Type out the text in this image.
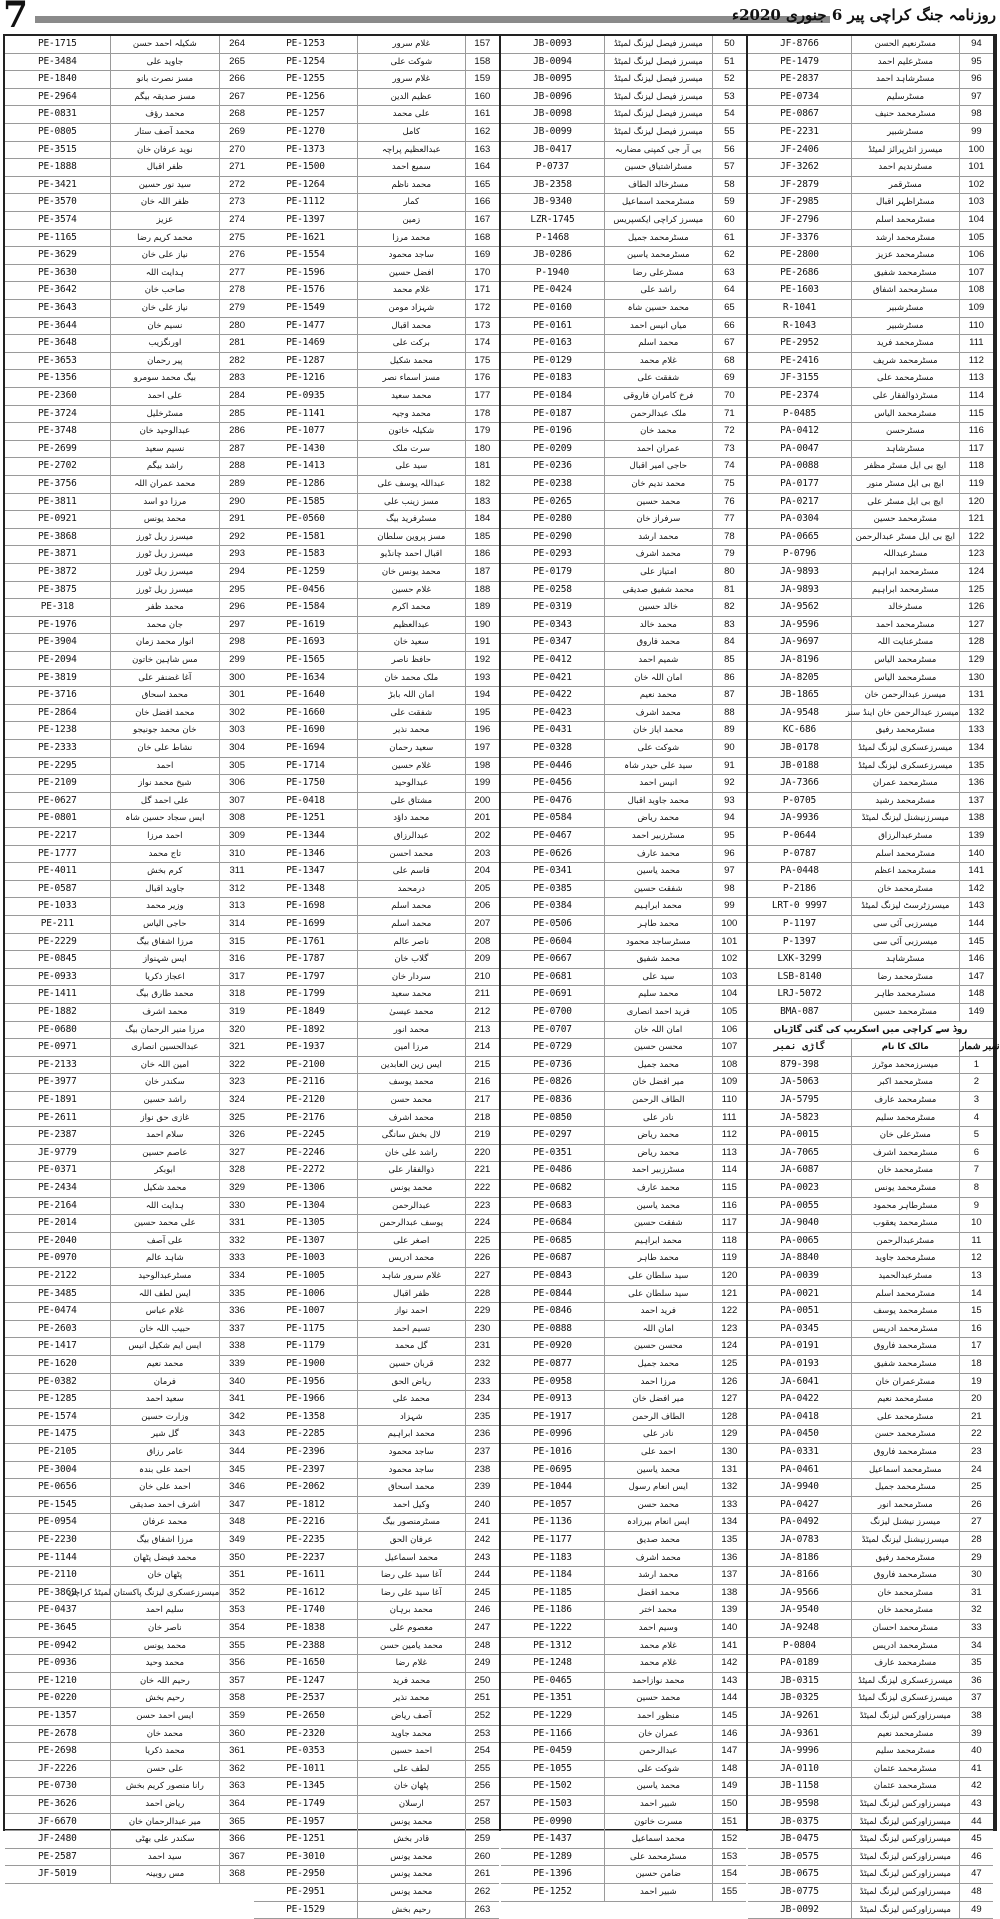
7	روزنامہ جنگ کراچی پیر 6 جنوری 2020ء
94
مسٹرنعیم الحسن
JF-8766
95
مسٹرعلیم احمد
PE-1479
96
مسٹرشاہد احمد
PE-2837
97
مسٹرسلیم
PE-0734
98
مسٹرمحمد حنیف
PE-0867
99
مسٹرشبیر
PE-2231
100
میسرز انٹرپرائز لمیٹڈ
JF-2406
101
مسٹرندیم احمد
JF-3262
102
مسٹرقمر
JF-2879
103
مسٹراظہر اقبال
JF-2985
104
مسٹرمحمد اسلم
JF-2796
105
مسٹرمحمد ارشد
JF-3376
106
مسٹرمحمد عزیز
PE-2800
107
مسٹرمحمد شفیق
PE-2686
108
مسٹرمحمد اشفاق
PE-1603
109
مسٹرشبیر
R-1041
110
مسٹرشبیر
R-1043
111
مسٹرمحمد فرید
PE-2952
112
مسٹرمحمد شریف
PE-2416
113
مسٹرمحمد علی
JF-3155
114
مسٹرذوالفقار علی
PE-2374
115
مسٹرمحمد الیاس
P-0485
116
مسٹرحسن
PA-0412
117
مسٹرشاہد
PA-0047
118
ایچ بی ایل مسٹر مظفر
PA-0088
119
ایچ بی ایل مسٹر منور
PA-0177
120
ایچ بی ایل مسٹر علی
PA-0217
121
مسٹرمحمد حسین
PA-0304
122
ایچ بی ایل مسٹر عبدالرحمن
PA-0665
123
مسٹرعبداللہ
P-0796
124
مسٹرمحمد ابراہیم
JA-9893
125
مسٹرمحمد ابراہیم
JA-9893
126
مسٹرخالد
JA-9562
127
مسٹرمحمد احمد
JA-9596
128
مسٹرعنایت اللہ
JA-9697
129
مسٹرمحمد الیاس
JA-8196
130
مسٹرمحمد الیاس
JA-8205
131
میسرز عبدالرحمن خان
JB-1865
132
میسرز عبدالرحمن خان اینڈ سنز
JA-9548
133
مسٹرمحمد رفیق
KC-686
134
میسرزعسکری لیزنگ لمیٹڈ
JB-0178
135
میسرزعسکری لیزنگ لمیٹڈ
JB-0188
136
مسٹرمحمد عمران
JA-7366
137
مسٹرمحمد رشید
P-0705
138
میسرزنیشنل لیزنگ لمیٹڈ
JA-9936
139
مسٹرعبدالرزاق
P-0644
140
مسٹرمحمد اسلم
P-0787
141
مسٹرمحمد اعظم
PA-0448
142
مسٹرمحمد خان
P-2186
143
میسرزٹرسٹ لیزنگ لمیٹڈ
LRT-0 9997
144
میسرزبی آئی سی
P-1197
145
میسرزبی آئی سی
P-1397
146
مسٹرشاہد
LXK-3299
147
مسٹرمحمد رضا
LSB-8140
148
مسٹرمحمد طاہر
LRJ-5072
149
مسٹرمحمد حسین
BMA-087
روڈ سے کراچی میں اسکریپ کی گئی گاڑیاں
نمبر شمار
مالک کا نام
گاڑی نمبر
1
میسرزمحمد موٹرز
879-398
2
مسٹرمحمد اکبر
JA-5063
3
مسٹرمحمد عارف
JA-5795
4
مسٹرمحمد سلیم
JA-5823
5
مسٹرعلی خان
PA-0015
6
مسٹرمحمد اشرف
JA-7065
7
مسٹرمحمد خان
JA-6087
8
مسٹرمحمد یونس
PA-0023
9
مسٹرطاہر محمود
PA-0055
10
مسٹرمحمد یعقوب
JA-9040
11
مسٹرعبدالرحمن
PA-0065
12
مسٹرمحمد جاوید
JA-8840
13
مسٹرعبدالحمید
PA-0039
14
مسٹرمحمد اسلم
PA-0021
15
مسٹرمحمد یوسف
PA-0051
16
مسٹرمحمد ادریس
PA-0345
17
مسٹرمحمد فاروق
PA-0191
18
مسٹرمحمد شفیق
PA-0193
19
مسٹرعمران خان
JA-6041
20
مسٹرمحمد نعیم
PA-0422
21
مسٹرمحمد علی
PA-0418
22
مسٹرمحمد حسن
PA-0450
23
مسٹرمحمد فاروق
PA-0331
24
مسٹرمحمد اسماعیل
PA-0461
25
مسٹرمحمد جمیل
JA-9940
26
مسٹرمحمد انور
PA-0427
27
میسرز نیشنل لیزنگ
PA-0492
28
میسرزنیشنل لیزنگ لمیٹڈ
JA-0783
29
مسٹرمحمد رفیق
JA-8186
30
مسٹرمحمد فاروق
JA-8166
31
مسٹرمحمد خان
JA-9566
32
مسٹرمحمد خان
JA-9540
33
مسٹرمحمد احسان
JA-9248
34
مسٹرمحمد ادریس
P-0804
35
مسٹرمحمد عارف
PA-0189
36
میسرزعسکری لیزنگ لمیٹڈ
JB-0315
37
میسرزعسکری لیزنگ لمیٹڈ
JB-0325
38
میسرزاورکس لیزنگ لمیٹڈ
JA-9261
39
مسٹرمحمد نعیم
JA-9361
40
مسٹرمحمد سلیم
JA-9996
41
مسٹرمحمد عثمان
JA-0110
42
مسٹرمحمد عثمان
JB-1158
43
میسرزاورکس لیزنگ لمیٹڈ
JB-9598
44
میسرزاورکس لیزنگ لمیٹڈ
JB-0375
45
میسرزاورکس لیزنگ لمیٹڈ
JB-0475
46
میسرزاورکس لیزنگ لمیٹڈ
JB-0575
47
میسرزاورکس لیزنگ لمیٹڈ
JB-0675
48
میسرزاورکس لیزنگ لمیٹڈ
JB-0775
49
میسرزاورکس لیزنگ لمیٹڈ
JB-0092
50
میسرز فیصل لیزنگ لمیٹڈ
JB-0093
51
میسرز فیصل لیزنگ لمیٹڈ
JB-0094
52
میسرز فیصل لیزنگ لمیٹڈ
JB-0095
53
میسرز فیصل لیزنگ لمیٹڈ
JB-0096
54
میسرز فیصل لیزنگ لمیٹڈ
JB-0098
55
میسرز فیصل لیزنگ لمیٹڈ
JB-0099
56
بی آر جی کمپنی مضاربہ
JB-0417
57
مسٹراشتیاق حسین
P-0737
58
مسٹرخالد الطاف
JB-2358
59
مسٹرمحمد اسماعیل
JB-9340
60
میسرز کراچی ایکسپریس
LZR-1745
61
مسٹرمحمد جمیل
P-1468
62
مسٹرمحمد یاسین
JB-0286
63
مسٹرعلی رضا
P-1940
64
راشد علی
PE-0424
65
محمد حسین شاہ
PE-0160
66
میاں انیس احمد
PE-0161
67
محمد اسلم
PE-0163
68
غلام محمد
PE-0129
69
شفقت علی
PE-0183
70
فرخ کامران فاروقی
PE-0184
71
ملک عبدالرحمن
PE-0187
72
محمد خان
PE-0196
73
عمران احمد
PE-0209
74
حاجی امیر اقبال
PE-0236
75
محمد ندیم خان
PE-0238
76
محمد حسین
PE-0265
77
سرفراز خان
PE-0280
78
محمد ارشد
PE-0290
79
محمد اشرف
PE-0293
80
امتیاز علی
PE-0179
81
محمد شفیق صدیقی
PE-0258
82
خالد حسین
PE-0319
83
محمد خالد
PE-0343
84
محمد فاروق
PE-0347
85
شمیم احمد
PE-0412
86
امان اللہ خان
PE-0421
87
محمد نعیم
PE-0422
88
محمد اشرف
PE-0423
89
محمد ایاز خان
PE-0431
90
شوکت علی
PE-0328
91
سید علی حیدر شاہ
PE-0446
92
انیس احمد
PE-0456
93
محمد جاوید اقبال
PE-0476
94
محمد ریاض
PE-0584
95
مسٹرزبیر احمد
PE-0467
96
محمد عارف
PE-0626
97
محمد یاسین
PE-0341
98
شفقت حسین
PE-0385
99
محمد ابراہیم
PE-0384
100
محمد طاہر
PE-0506
101
مسٹرساجد محمود
PE-0604
102
محمد شفیق
PE-0667
103
سید علی
PE-0681
104
محمد سلیم
PE-0691
105
فرید احمد انصاری
PE-0700
106
امان اللہ خان
PE-0707
107
محسن حسین
PE-0729
108
محمد جمیل
PE-0736
109
میر افضل خان
PE-0826
110
الطاف الرحمن
PE-0836
111
نادر علی
PE-0850
112
محمد ریاض
PE-0297
113
محمد ریاض
PE-0351
114
مسٹرزبیر احمد
PE-0486
115
محمد عارف
PE-0682
116
محمد یاسین
PE-0683
117
شفقت حسین
PE-0684
118
محمد ابراہیم
PE-0685
119
محمد طاہر
PE-0687
120
سید سلطان علی
PE-0843
121
سید سلطان علی
PE-0844
122
فرید احمد
PE-0846
123
امان اللہ
PE-0888
124
محسن حسین
PE-0920
125
محمد جمیل
PE-0877
126
مرزا احمد
PE-0958
127
میر افضل خان
PE-0913
128
الطاف الرحمن
PE-1917
129
نادر علی
PE-0996
130
احمد علی
PE-1016
131
محمد یاسین
PE-0695
132
ایس انعام رسول
PE-1044
133
محمد حسن
PE-1057
134
ایس انعام بیرزادہ
PE-1136
135
محمد صدیق
PE-1177
136
محمد اشرف
PE-1183
137
محمد ارشد
PE-1184
138
محمد افضل
PE-1185
139
محمد اختر
PE-1186
140
وسیم احمد
PE-1222
141
غلام محمد
PE-1312
142
غلام محمد
PE-1248
143
محمد نوازاحمد
PE-0465
144
محمد حسین
PE-1351
145
منظور احمد
PE-1229
146
عمران خان
PE-1166
147
عبدالرحمن
PE-0459
148
شوکت علی
PE-1055
149
محمد یاسین
PE-1502
150
شبیر احمد
PE-1503
151
مسرت خاتون
PE-0990
152
محمد اسماعیل
PE-1437
153
مسٹرمحمد علی
PE-1289
154
ضامن حسین
PE-1396
155
شبیر احمد
PE-1252
157
غلام سرور
PE-1253
158
شوکت علی
PE-1254
159
غلام سرور
PE-1255
160
عظیم الدین
PE-1256
161
علی محمد
PE-1257
162
کامل
PE-1270
163
عبدالعظیم پراچہ
PE-1373
164
سمیع احمد
PE-1500
165
محمد ناظم
PE-1264
166
کمار
PE-1112
167
زمین
PE-1397
168
محمد مرزا
PE-1621
169
ساجد محمود
PE-1554
170
افضل حسین
PE-1596
171
غلام محمد
PE-1576
172
شہزاد مومن
PE-1549
173
محمد اقبال
PE-1477
174
برکت علی
PE-1469
175
محمد شکیل
PE-1287
176
مسز اسماء نصر
PE-1216
177
محمد سعید
PE-0935
178
محمد وجیہ
PE-1141
179
شکیلہ خاتون
PE-1077
180
سرت ملک
PE-1430
181
سید علی
PE-1413
182
عبداللہ یوسف علی
PE-1286
183
مسز زینب علی
PE-1585
184
مسٹرفرید بیگ
PE-0560
185
مسز پروین سلطان
PE-1581
186
اقبال احمد چانڈیو
PE-1583
187
محمد یونس خان
PE-1259
188
غلام حسین
PE-0456
189
محمد اکرم
PE-1584
190
عبدالعظیم
PE-1619
191
سعید خان
PE-1693
192
حافظ ناصر
PE-1565
193
ملک محمد خان
PE-1634
194
امان اللہ بابڑ
PE-1640
195
شفقت علی
PE-1660
196
محمد نذیر
PE-1690
197
سعید رحمان
PE-1694
198
غلام حسین
PE-1714
199
عبدالوحید
PE-1750
200
مشتاق علی
PE-0418
201
محمد داؤد
PE-1251
202
عبدالرزاق
PE-1344
203
محمد احسن
PE-1346
204
قاسم علی
PE-1347
205
درمحمد
PE-1348
206
محمد اسلم
PE-1698
207
محمد اسلم
PE-1699
208
ناصر عالم
PE-1761
209
گلاب خان
PE-1787
210
سردار خان
PE-1797
211
محمد سعید
PE-1799
212
محمد عیسیٰ
PE-1849
213
محمد انور
PE-1892
214
مرزا امین
PE-1937
215
ایس زین العابدین
PE-2100
216
محمد یوسف
PE-2116
217
محمد حسن
PE-2120
218
محمد اشرف
PE-2176
219
لال بخش سانگی
PE-2245
220
راشد علی خان
PE-2246
221
ذوالفقار علی
PE-2272
222
محمد یونس
PE-1306
223
عبدالرحمن
PE-1304
224
یوسف عبدالرحمن
PE-1305
225
اصغر علی
PE-1307
226
محمد ادریس
PE-1003
227
غلام سرور شاہد
PE-1005
228
ظفر اقبال
PE-1006
229
احمد نواز
PE-1007
230
تسیم احمد
PE-1175
231
گل محمد
PE-1179
232
قربان حسین
PE-1900
233
ریاض الحق
PE-1956
234
محمد علی
PE-1966
235
شہزاد
PE-1358
236
محمد ابراہیم
PE-2285
237
ساجد محمود
PE-2396
238
ساجد محمود
PE-2397
239
محمد اسحاق
PE-2062
240
وکیل احمد
PE-1812
241
مسٹرمنصور بیگ
PE-2216
242
عرفان الحق
PE-2235
243
محمد اسماعیل
PE-2237
244
آغا سید علی رضا
PE-1611
245
آغا سید علی رضا
PE-1612
246
محمد برہان
PE-1740
247
معصوم علی
PE-1838
248
محمد یامین حسن
PE-2388
249
غلام رضا
PE-1650
250
محمد فرید
PE-1247
251
محمد نذیر
PE-2537
252
آصف ریاض
PE-2650
253
محمد جاوید
PE-2320
254
احمد حسین
PE-0353
255
لطف علی
PE-1011
256
پٹھان خان
PE-1345
257
ارسلان
PE-1749
258
محمد یونس
PE-1957
259
قادر بخش
PE-1251
260
محمد یونس
PE-3010
261
محمد یونس
PE-2950
262
محمد یونس
PE-2951
263
رحیم بخش
PE-1529
264
شکیلہ احمد حسن
PE-1715
265
جاوید علی
PE-3484
266
مسز نصرت بانو
PE-1840
267
مسز صدیقہ بیگم
PE-2964
268
محمد رؤف
PE-0831
269
محمد آصف ستار
PE-0805
270
نوید عرفان خان
PE-3515
271
ظفر اقبال
PE-1888
272
سید نور حسین
PE-3421
273
ظفر اللہ خان
PE-3570
274
عزیز
PE-3574
275
محمد کریم رضا
PE-1165
276
نیاز علی خان
PE-3629
277
ہدایت اللہ
PE-3630
278
صاحب خان
PE-3642
279
نیاز علی خان
PE-3643
280
نسیم خان
PE-3644
281
اورنگزیب
PE-3648
282
پیر رحمان
PE-3653
283
بیگ محمد سومرو
PE-1356
284
علی احمد
PE-2360
285
مسٹرخلیل
PE-3724
286
عبدالوحید خان
PE-3748
287
نسیم سعید
PE-2699
288
راشد بیگم
PE-2702
289
محمد عمران اللہ
PE-3756
290
مرزا دو اسد
PE-3811
291
محمد یونس
PE-0921
292
میسرز ریل ٹورز
PE-3868
293
میسرز ریل ٹورز
PE-3871
294
میسرز ریل ٹورز
PE-3872
295
میسرز ریل ٹورز
PE-3875
296
محمد ظفر
PE-318
297
جان محمد
PE-1976
298
انوار محمد زمان
PE-3904
299
مس شاہین خاتون
PE-2094
300
آغا غضنفر علی
PE-3819
301
محمد اسحاق
PE-3716
302
محمد افضل خان
PE-2864
303
خان محمد جونیجو
PE-1238
304
نشاط علی خان
PE-2333
305
احمد
PE-2295
306
شیخ محمد نواز
PE-2109
307
علی احمد گل
PE-0627
308
ایس سجاد حسین شاہ
PE-0801
309
احمد مرزا
PE-2217
310
تاج محمد
PE-1777
311
کرم بخش
PE-4011
312
جاوید اقبال
PE-0587
313
وزیر محمد
PE-1033
314
حاجی الیاس
PE-211
315
مرزا اشفاق بیگ
PE-2229
316
ایس شہنواز
PE-0845
317
اعجاز ذکریا
PE-0933
318
محمد طارق بیگ
PE-1411
319
محمد اشرف
PE-1882
320
مرزا منیر الرحمان بیگ
PE-0680
321
عبدالحسین انصاری
PE-0971
322
امین اللہ خان
PE-2133
323
سکندر خان
PE-3977
324
راشد حسین
PE-1891
325
غازی حق نواز
PE-2611
326
سلام احمد
PE-2387
327
عاصم حسین
JE-9779
328
ابوبکر
PE-0371
329
محمد شکیل
PE-2434
330
ہدایت اللہ
PE-2164
331
علی محمد حسین
PE-2014
332
علی آصف
PE-2040
333
شاہد عالم
PE-0970
334
مسٹرعبدالوحید
PE-2122
335
ایس لطف اللہ
PE-3485
336
غلام عباس
PE-0474
337
حبیب اللہ خان
PE-2603
338
ایس ایم شکیل انیس
PE-1417
339
محمد نعیم
PE-1620
340
فرمان
PE-0382
341
سعید احمد
PE-1285
342
وزارت حسین
PE-1574
343
گل شیر
PE-1475
344
عامر رزاق
PE-2105
345
احمد علی بندہ
PE-3004
346
احمد علی خان
PE-0656
347
اشرف احمد صدیقی
PE-1545
348
محمد عرفان
PE-0954
349
مرزا اشفاق بیگ
PE-2230
350
محمد فیضل پٹھان
PE-1144
351
پٹھان خان
PE-2110
352
میسرزعسکری لیزنگ پاکستان لمیٹڈ کراچی
PE-3869
353
سلیم احمد
PE-0437
354
ناصر خان
PE-3645
355
محمد یونس
PE-0942
356
محمد وحید
PE-0936
357
رحیم اللہ خان
PE-1210
358
رحیم بخش
PE-0220
359
ایس احمد حسن
PE-1357
360
محمد خان
PE-2678
361
محمد ذکریا
PE-2698
362
علی حسن
JF-2226
363
رانا منصور کریم بخش
PE-0730
364
ریاض احمد
PE-3626
365
میر عبدالرحمان خان
JF-6670
366
سکندر علی بھٹی
JF-2480
367
سید احمد
PE-2587
368
مس روبینہ
JF-5019
